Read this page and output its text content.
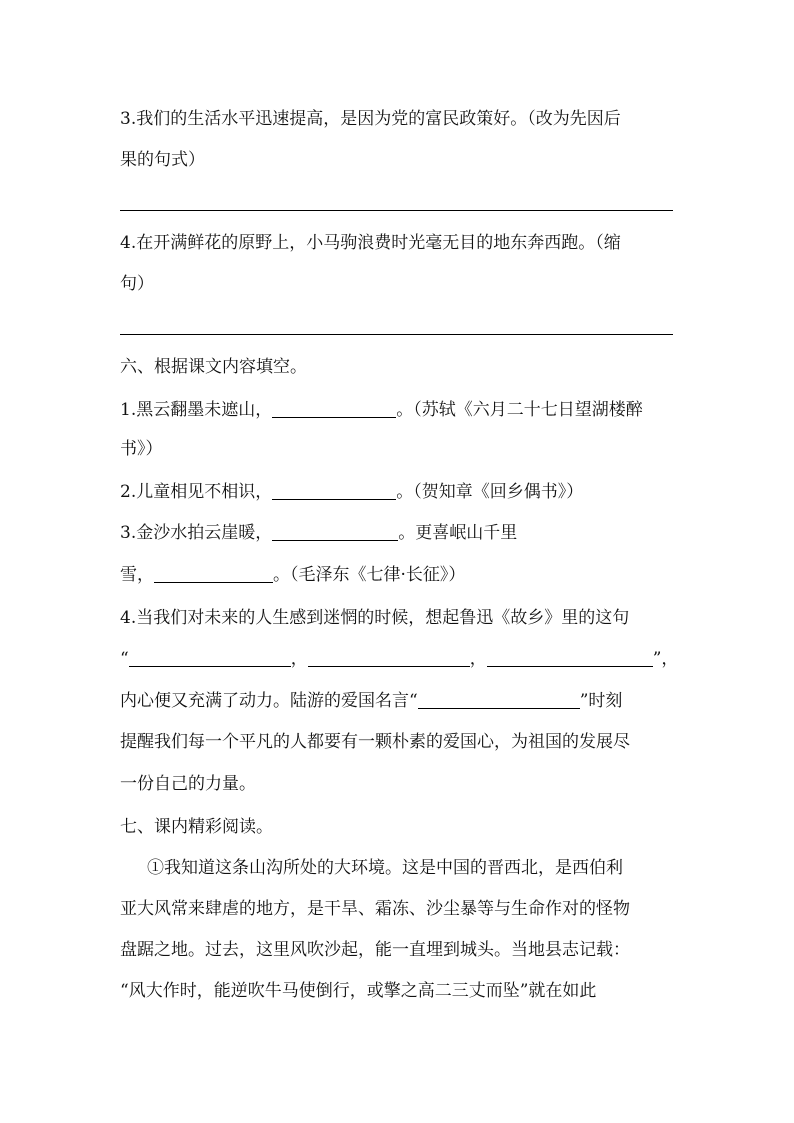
3.我们的生活水平迅速提高，是因为党的富民政策好。（改为先因后
果的句式）
4.在开满鲜花的原野上，小马驹浪费时光毫无目的地东奔西跑。（缩
句）
六、根据课文内容填空。
1.黑云翻墨未遮山，	。（苏轼《六月二十七日望湖楼醉
书》）
2.儿童相见不相识，	。（贺知章《回乡偶书》）
3.金沙水拍云崖暖，	。更喜岷山千里
雪，	。（毛泽东《七律·长征》）
4.当我们对未来的人生感到迷惘的时候，想起鲁迅《故乡》里的这句
“	，	，	”，
内心便又充满了动力。陆游的爱国名言“	”时刻
提醒我们每一个平凡的人都要有一颗朴素的爱国心，为祖国的发展尽
一份自己的力量。
七、课内精彩阅读。
①我知道这条山沟所处的大环境。这是中国的晋西北，是西伯利
亚大风常来肆虐的地方，是干旱、霜冻、沙尘暴等与生命作对的怪物
盘踞之地。过去，这里风吹沙起，能一直埋到城头。当地县志记载：
“风大作时，能逆吹牛马使倒行，或擎之高二三丈而坠”就在如此
